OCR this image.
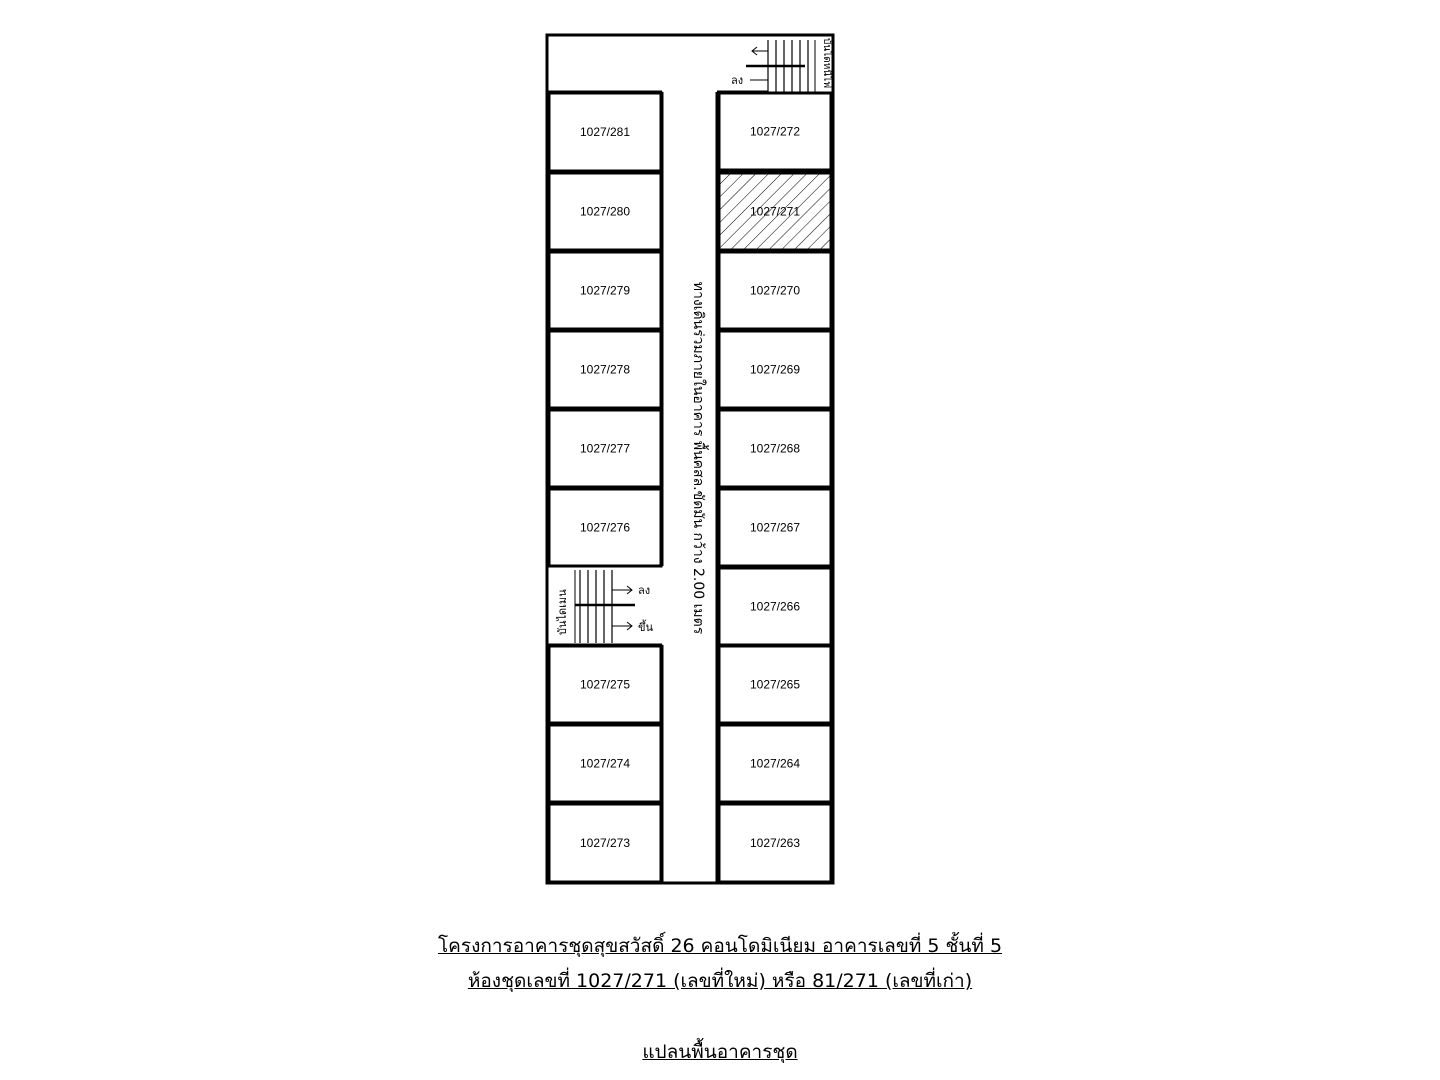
ลง	บันไดหนีไฟ
ลง
ขึ้น
บันไดเมน	ทางเดินร่วมภายในอาคาร พื้นคสล.ขัดมัน กว้าง 2.00 เมตร
1027/281
1027/280
1027/279
1027/278
1027/277
1027/276
1027/275
1027/274
1027/273
1027/272
1027/271
1027/270
1027/269
1027/268
1027/267
1027/266
1027/265
1027/264
1027/263
โครงการอาคารชุดสุขสวัสดิ์ 26 คอนโดมิเนียม อาคารเลขที่ 5 ชั้นที่ 5
ห้องชุดเลขที่ 1027/271 (เลขที่ใหม่) หรือ 81/271 (เลขที่เก่า)
แปลนพื้นอาคารชุด
